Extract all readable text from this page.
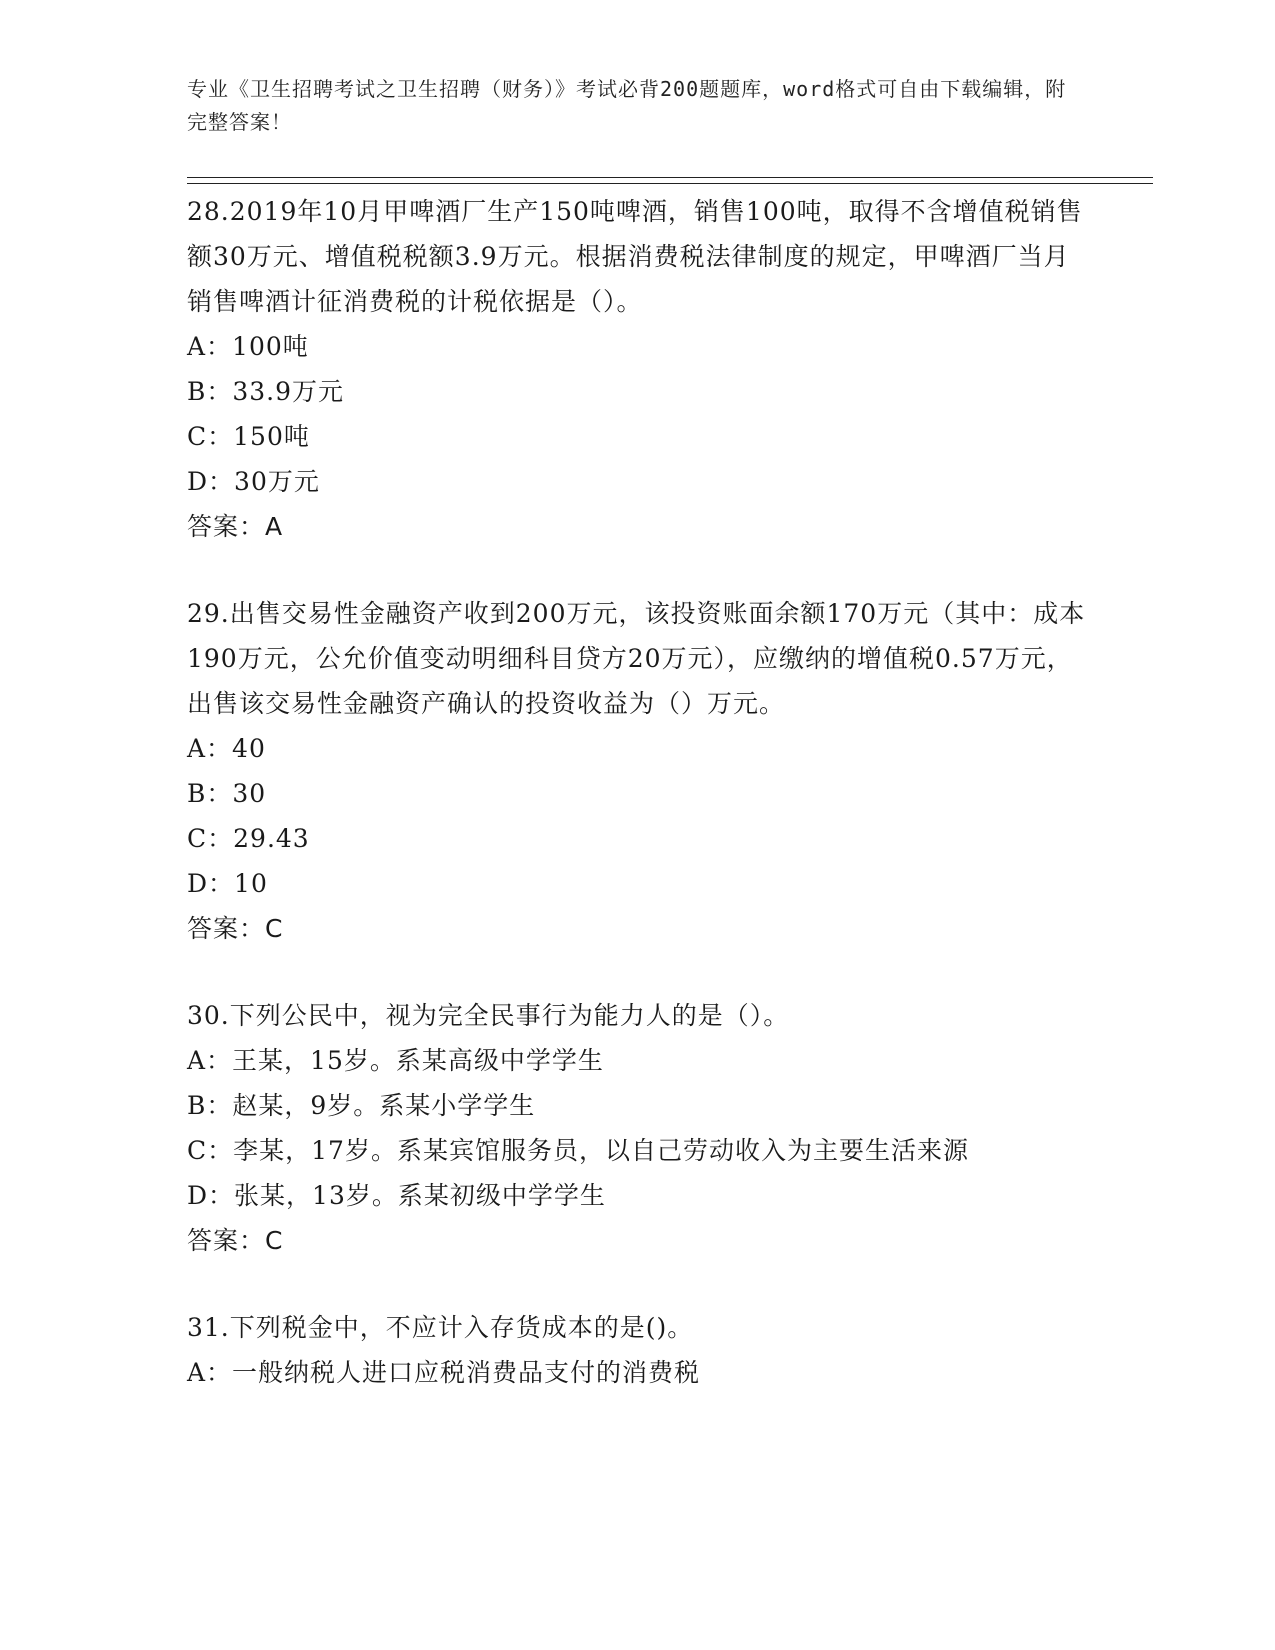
专业《卫生招聘考试之卫生招聘（财务）》考试必背200题题库，word格式可自由下载编辑，附完整答案！

28.2019年10月甲啤酒厂生产150吨啤酒，销售100吨，取得不含增值税销售额30万元、增值税税额3.9万元。根据消费税法律制度的规定，甲啤酒厂当月销售啤酒计征消费税的计税依据是（）。

A：100吨

B：33.9万元

C：150吨

D：30万元

答案：A

29.出售交易性金融资产收到200万元，该投资账面余额170万元（其中：成本190万元，公允价值变动明细科目贷方20万元），应缴纳的增值税0.57万元，出售该交易性金融资产确认的投资收益为（）万元。

A：40

B：30

C：29.43

D：10

答案：C

30.下列公民中，视为完全民事行为能力人的是（）。

A：王某，15岁。系某高级中学学生

B：赵某，9岁。系某小学学生

C：李某，17岁。系某宾馆服务员，以自己劳动收入为主要生活来源

D：张某，13岁。系某初级中学学生

答案：C

31.下列税金中，不应计入存货成本的是()。

A：一般纳税人进口应税消费品支付的消费税
